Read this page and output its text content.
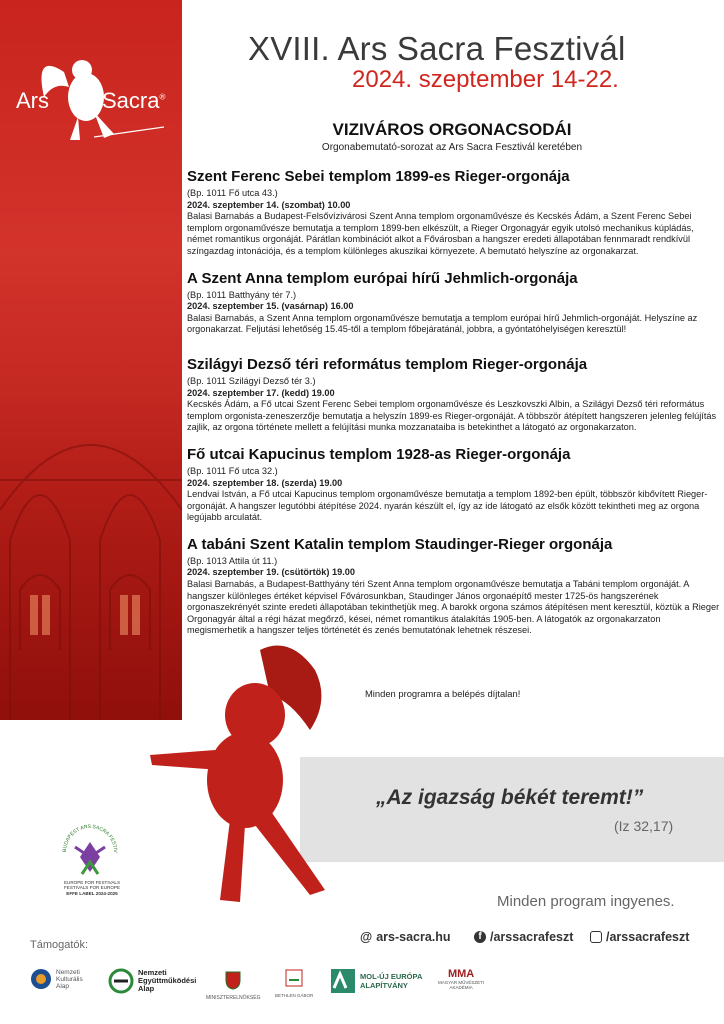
Ars Sacra®
XVIII. Ars Sacra Fesztivál
2024. szeptember 14-22.
VIZIVÁROS ORGONACSODÁI
Orgonabemutató-sorozat az Ars Sacra Fesztivál keretében
Szent Ferenc Sebei templom 1899-es Rieger-orgonája
(Bp. 1011 Fő utca 43.)
2024. szeptember 14. (szombat) 10.00
Balasi Barnabás a Budapest-Felsővízivárosi Szent Anna templom orgonaművésze és Kecskés Ádám, a Szent Ferenc Sebei templom orgonaművésze bemutatja a templom 1899-ben elkészült, a Rieger Orgonagyár egyik utolsó mechanikus kúpládás, német romantikus orgonáját. Párátlan kombinációt alkot a Fővárosban a hangszer eredeti állapotában fennmaradt rendkívül színgazdag intonációja, és a templom különleges akuszikai környezete. A bemutató helyszíne az orgonakarzat.
A Szent Anna templom európai hírű Jehmlich-orgonája
(Bp. 1011 Batthyány tér 7.)
2024. szeptember 15. (vasárnap) 16.00
Balasi Barnabás, a Szent Anna templom orgonaművésze bemutatja a templom európai hírű Jehmlich-orgonáját. Helyszíne az orgonakarzat. Feljutási lehetőség 15.45-től a templom főbejáratánál, jobbra, a gyóntatóhelyiségen keresztül!
Szilágyi Dezső téri református templom Rieger-orgonája
(Bp. 1011 Szilágyi Dezső tér 3.)
2024. szeptember 17. (kedd) 19.00
Kecskés Ádám, a Fő utcai Szent Ferenc Sebei templom orgonaművésze és Leszkovszki Albin, a Szilágyi Dezső téri református templom orgonista-zeneszerzője bemutatja a helyszín 1899-es Rieger-orgonáját. A többször átépített hangszeren jelenleg felújítás zajlik, az orgona története mellett a felújítási munka mozzanataiba is betekinthet a látogató az orgonakarzaton.
Fő utcai Kapucinus templom 1928-as Rieger-orgonája
(Bp. 1011 Fő utca 32.)
2024. szeptember 18. (szerda) 19.00
Lendvai István, a Fő utcai Kapucinus templom orgonaművésze bemutatja a templom 1892-ben épült, többször kibővített Rieger-orgonáját. A hangszer legutóbbi átépítése 2024. nyarán készült el, így az ide látogató az elsők között tekintheti meg az orgona legújabb arculatát.
A tabáni Szent Katalin templom Staudinger-Rieger orgonája
(Bp. 1013 Attila út 11.)
2024. szeptember 19. (csütörtök) 19.00
Balasi Barnabás, a Budapest-Batthyány téri Szent Anna templom orgonaművésze bemutatja a Tabáni templom orgonáját. A hangszer különleges értéket képvisel Fővárosunkban, Staudinger János orgonaépítő mester 1725-ös hangszerének orgonaszekrényét szinte eredeti állapotában tekinthetjük meg. A barokk orgona számos átépítésen ment keresztül, köztük a Rieger Orgonagyár által a régi házat megőrző, kései, német romantikus átalakítás 1905-ben. A látogatók az orgonakarzaton megismerhetik a hangszer teljes történetét és zenés bemutatónak lehetnek részesei.
Minden programra a belépés díjtalan!
„Az igazság békét teremt!”
(Iz 32,17)
BUDAPEST ARS SACRA FESTIV
EUROPE FOR FESTIVALS
FESTIVALS FOR EUROPE
EFFE LABEL 2024-2025	Minden program ingyenes.
Támogatók:
@ ars-sacra.hu	f /arssacrafeszt	/arssacrafeszt
Nemzeti
Kulturális
Alap
Nemzeti
Együttműködési
Alap
MINISZTERELNÖKSÉG	BETHLEN GÁBOR
MOL-ÚJ EURÓPA
ALAPÍTVÁNY
MMA
MAGYAR MŰVÉSZETI
AKADÉMIA
